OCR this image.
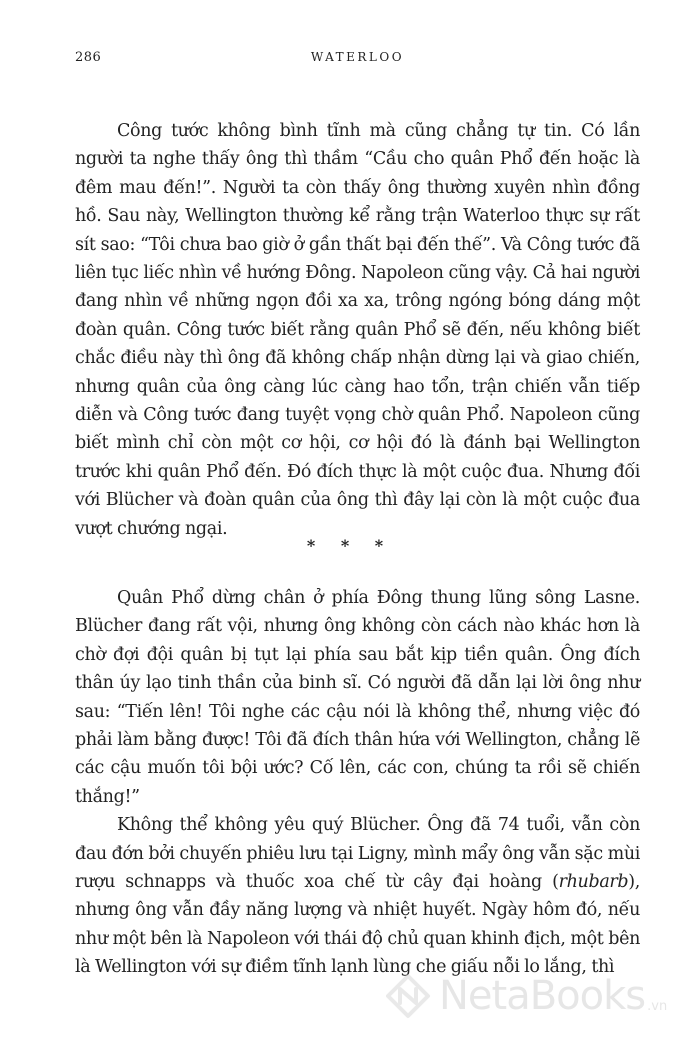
286	WATERLOO

Công tước không bình tĩnh mà cũng chẳng tự tin. Có lần người ta nghe thấy ông thì thầm “Cầu cho quân Phổ đến hoặc là đêm mau đến!”. Người ta còn thấy ông thường xuyên nhìn đồng hồ. Sau này, Wellington thường kể rằng trận Waterloo thực sự rất sít sao: “Tôi chưa bao giờ ở gần thất bại đến thế”. Và Công tước đã liên tục liếc nhìn về hướng Đông. Napoleon cũng vậy. Cả hai người đang nhìn về những ngọn đồi xa xa, trông ngóng bóng dáng một đoàn quân. Công tước biết rằng quân Phổ sẽ đến, nếu không biết chắc điều này thì ông đã không chấp nhận dừng lại và giao chiến, nhưng quân của ông càng lúc càng hao tổn, trận chiến vẫn tiếp diễn và Công tước đang tuyệt vọng chờ quân Phổ. Napoleon cũng biết mình chỉ còn một cơ hội, cơ hội đó là đánh bại Wellington trước khi quân Phổ đến. Đó đích thực là một cuộc đua. Nhưng đối với Blücher và đoàn quân của ông thì đây lại còn là một cuộc đua vượt chướng ngại.

* * *

Quân Phổ dừng chân ở phía Đông thung lũng sông Lasne. Blücher đang rất vội, nhưng ông không còn cách nào khác hơn là chờ đợi đội quân bị tụt lại phía sau bắt kịp tiền quân. Ông đích thân úy lạo tinh thần của binh sĩ. Có người đã dẫn lại lời ông như sau: “Tiến lên! Tôi nghe các cậu nói là không thể, nhưng việc đó phải làm bằng được! Tôi đã đích thân hứa với Wellington, chẳng lẽ các cậu muốn tôi bội ước? Cố lên, các con, chúng ta rồi sẽ chiến thắng!”

Không thể không yêu quý Blücher. Ông đã 74 tuổi, vẫn còn đau đớn bởi chuyến phiêu lưu tại Ligny, mình mẩy ông vẫn sặc mùi rượu schnapps và thuốc xoa chế từ cây đại hoàng (rhubarb), nhưng ông vẫn đầy năng lượng và nhiệt huyết. Ngày hôm đó, nếu như một bên là Napoleon với thái độ chủ quan khinh địch, một bên là Wellington với sự điềm tĩnh lạnh lùng che giấu nỗi lo lắng, thì

NetaBooks .vn
